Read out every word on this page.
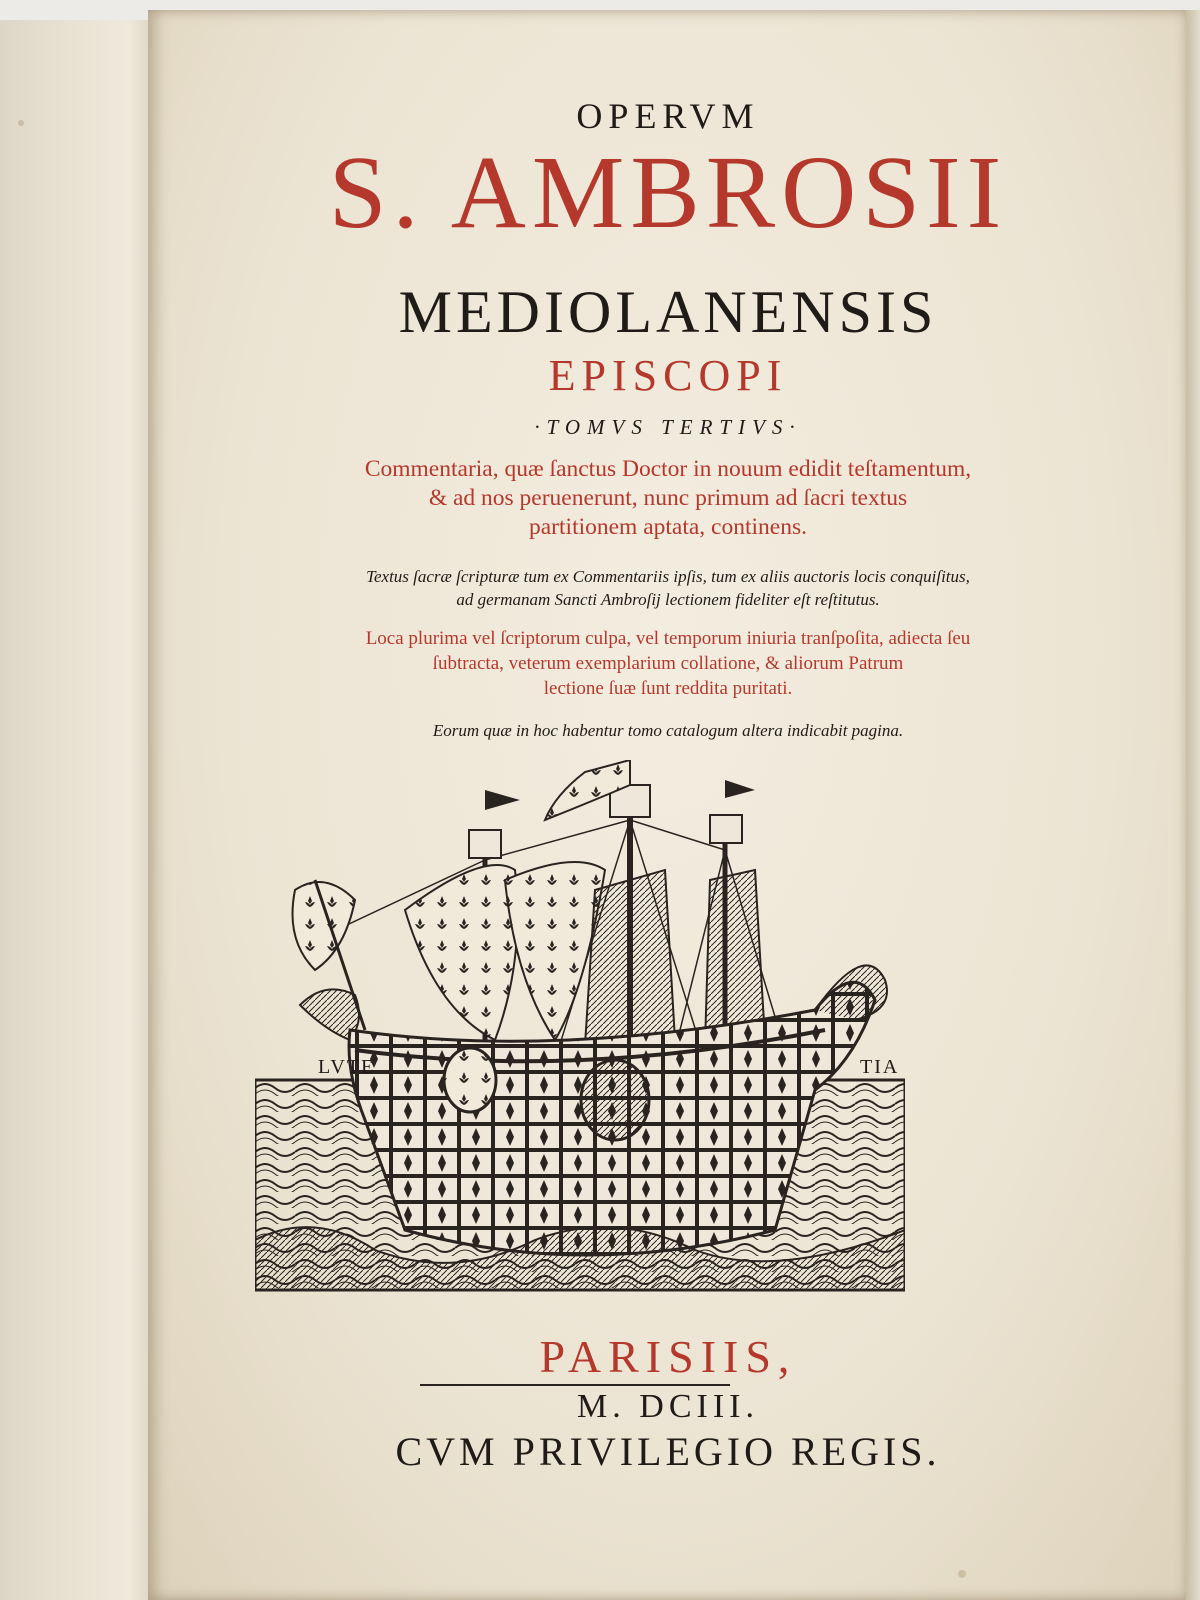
OPERVM

S. AMBROSII

MEDIOLANENSIS

EPISCOPI

·TOMVS TERTIVS·

Commentaria, quæ ſanctus Doctor in nouum edidit teſtamentum,

& ad nos peruenerunt, nunc primum ad ſacri textus

partitionem aptata, continens.

Textus ſacræ ſcripturæ tum ex Commentariis ipſis, tum ex aliis auctoris locis conquiſitus,

ad germanam Sancti Ambroſij lectionem fideliter eſt reſtitutus.

Loca plurima vel ſcriptorum culpa, vel temporum iniuria tranſpoſita, adiecta ſeu

ſubtracta, veterum exemplarium collatione, & aliorum Patrum

lectione ſuæ ſunt reddita puritati.

Eorum quæ in hoc habentur tomo catalogum altera indicabit pagina.

LVTE	TIA

PARISIIS,

M. DCIII.

CVM PRIVILEGIO REGIS.
